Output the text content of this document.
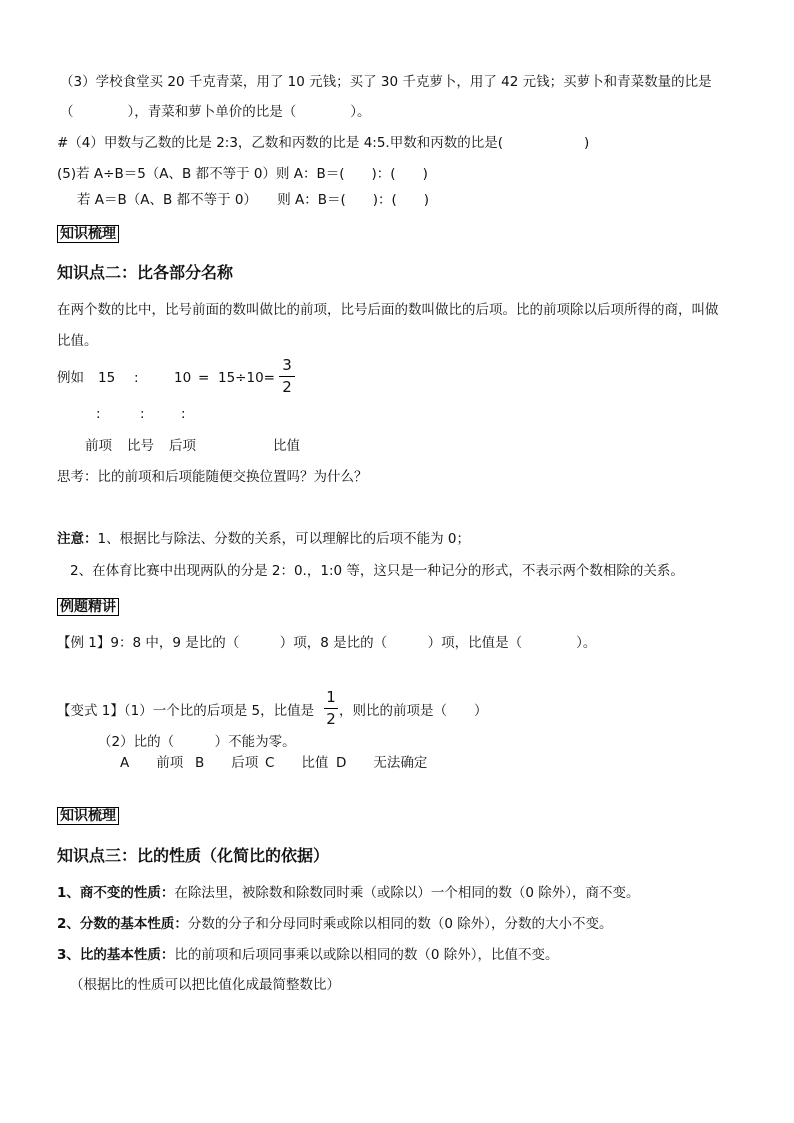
（3）学校食堂买 20 千克青菜，用了 10 元钱；买了 30 千克萝卜，用了 42 元钱；买萝卜和青菜数量的比是
（　　　　），青菜和萝卜单价的比是（　　　　）。
#（4）甲数与乙数的比是 2:3，乙数和丙数的比是 4:5.甲数和丙数的比是(　　　　　　)
(5)若 A÷B＝5（A、B 都不等于 0）则 A：B＝(　　)：(　　)
若 A＝B（A、B 都不等于 0）　　则 A：B＝(　　)：(　　)
知识梳理
知识点二：比各部分名称
在两个数的比中，比号前面的数叫做比的前项，比号后面的数叫做比的后项。比的前项除以后项所得的商，叫做
比值。
例如 15 :	10 = 15÷10=
3
2
:	:	:
前项 比号 后项	比值
思考：比的前项和后项能随便交换位置吗？为什么？
注意：1、根据比与除法、分数的关系，可以理解比的后项不能为 0；
2、在体育比赛中出现两队的分是 2：0.，1:0 等，这只是一种记分的形式，不表示两个数相除的关系。
例题精讲
【例 1】9：8 中，9 是比的（　　　）项，8 是比的（　　　）项，比值是（　　　　）。
【变式 1】（1）一个比的后项是 5，比值是
1
2 ，则比的前项是（　　）
（2）比的（　　　）不能为零。
A　　前项 B　　后项 C　　比值 D　　无法确定
知识梳理
知识点三：比的性质（化简比的依据）
1、商不变的性质：在除法里，被除数和除数同时乘（或除以）一个相同的数（0 除外），商不变。
2、分数的基本性质：分数的分子和分母同时乘或除以相同的数（0 除外），分数的大小不变。
3、比的基本性质：比的前项和后项同事乘以或除以相同的数（0 除外），比值不变。
（根据比的性质可以把比值化成最简整数比）
